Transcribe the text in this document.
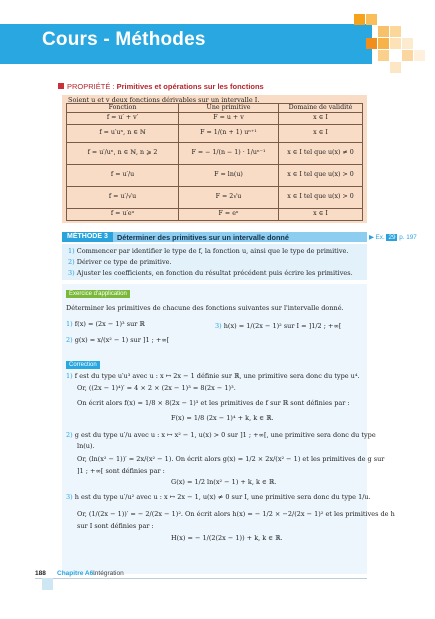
Cours - Méthodes
PROPRIÉTÉ : Primitives et opérations sur les fonctions
Soient u et v deux fonctions dérivables sur un intervalle I.
Fonction	Une primitive	Domaine de validité
f = u′ + v′	F = u + v	x ∈ I
f = u′uⁿ, n ∈ ℕ	F = 1/(n + 1) uⁿ⁺¹	x ∈ I
f = u′/uⁿ, n ∈ ℕ, n ⩾ 2	F = − 1/(n − 1) · 1/uⁿ⁻¹	x ∈ I tel que u(x) ≠ 0
f = u′/u	F = ln(u)	x ∈ I tel que u(x) > 0
f = u′/√u	F = 2√u	x ∈ I tel que u(x) > 0
f = u′eᵘ	F = eᵘ	x ∈ I
MÉTHODE 3	Déterminer des primitives sur un intervalle donné	▶ Ex. 29 p. 197
1) Commencer par identifier le type de f, la fonction u, ainsi que le type de primitive.
2) Dériver ce type de primitive.
3) Ajuster les coefficients, en fonction du résultat précédent puis écrire les primitives.
Exercice d'application
Déterminer les primitives de chacune des fonctions suivantes sur l'intervalle donné.
1) f(x) = (2x − 1)³ sur ℝ
2) g(x) = x/(x² − 1) sur ]1 ; +∞[
3) h(x) = 1/(2x − 1)² sur I = ]1/2 ; +∞[
Correction
1) f est du type u′u³ avec u : x ↦ 2x − 1 définie sur ℝ, une primitive sera donc du type u⁴.
Or, ((2x − 1)⁴)′ = 4 × 2 × (2x − 1)³ = 8(2x − 1)³.
On écrit alors f(x) = 1/8 × 8(2x − 1)³ et les primitives de f sur ℝ sont définies par :
F(x) = 1/8 (2x − 1)⁴ + k, k ∈ ℝ.
2) g est du type u′/u avec u : x ↦ x² − 1, u(x) > 0 sur ]1 ; +∞[, une primitive sera donc du type
ln(u).
Or, (ln(x² − 1))′ = 2x/(x² − 1). On écrit alors g(x) = 1/2 × 2x/(x² − 1) et les primitives de g sur
]1 ; +∞[ sont définies par :
G(x) = 1/2 ln(x² − 1) + k, k ∈ ℝ.
3) h est du type u′/u² avec u : x ↦ 2x − 1, u(x) ≠ 0 sur I, une primitive sera donc du type 1/u.
Or, (1/(2x − 1))′ = − 2/(2x − 1)². On écrit alors h(x) = − 1/2 × −2/(2x − 1)² et les primitives de h
sur I sont définies par :
H(x) = − 1/(2(2x − 1)) + k, k ∈ ℝ.
188 Chapitre A6.
Intégration
